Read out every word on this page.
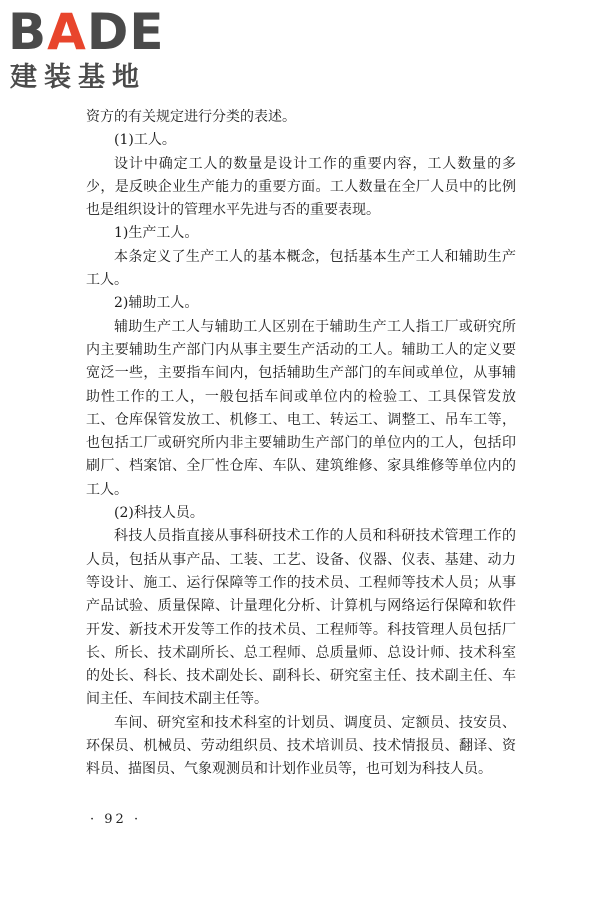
BADE
建装基地

资方的有关规定进行分类的表述。

(1)工人。

设计中确定工人的数量是设计工作的重要内容，工人数量的多少，是反映企业生产能力的重要方面。工人数量在全厂人员中的比例也是组织设计的管理水平先进与否的重要表现。

1)生产工人。

本条定义了生产工人的基本概念，包括基本生产工人和辅助生产工人。

2)辅助工人。

辅助生产工人与辅助工人区别在于辅助生产工人指工厂或研究所内主要辅助生产部门内从事主要生产活动的工人。辅助工人的定义要宽泛一些，主要指车间内，包括辅助生产部门的车间或单位，从事辅助性工作的工人，一般包括车间或单位内的检验工、工具保管发放工、仓库保管发放工、机修工、电工、转运工、调整工、吊车工等，也包括工厂或研究所内非主要辅助生产部门的单位内的工人，包括印刷厂、档案馆、全厂性仓库、车队、建筑维修、家具维修等单位内的工人。

(2)科技人员。

科技人员指直接从事科研技术工作的人员和科研技术管理工作的人员，包括从事产品、工装、工艺、设备、仪器、仪表、基建、动力等设计、施工、运行保障等工作的技术员、工程师等技术人员；从事产品试验、质量保障、计量理化分析、计算机与网络运行保障和软件开发、新技术开发等工作的技术员、工程师等。科技管理人员包括厂长、所长、技术副所长、总工程师、总质量师、总设计师、技术科室的处长、科长、技术副处长、副科长、研究室主任、技术副主任、车间主任、车间技术副主任等。

车间、研究室和技术科室的计划员、调度员、定额员、技安员、环保员、机械员、劳动组织员、技术培训员、技术情报员、翻译、资料员、描图员、气象观测员和计划作业员等，也可划为科技人员。

· 92 ·
